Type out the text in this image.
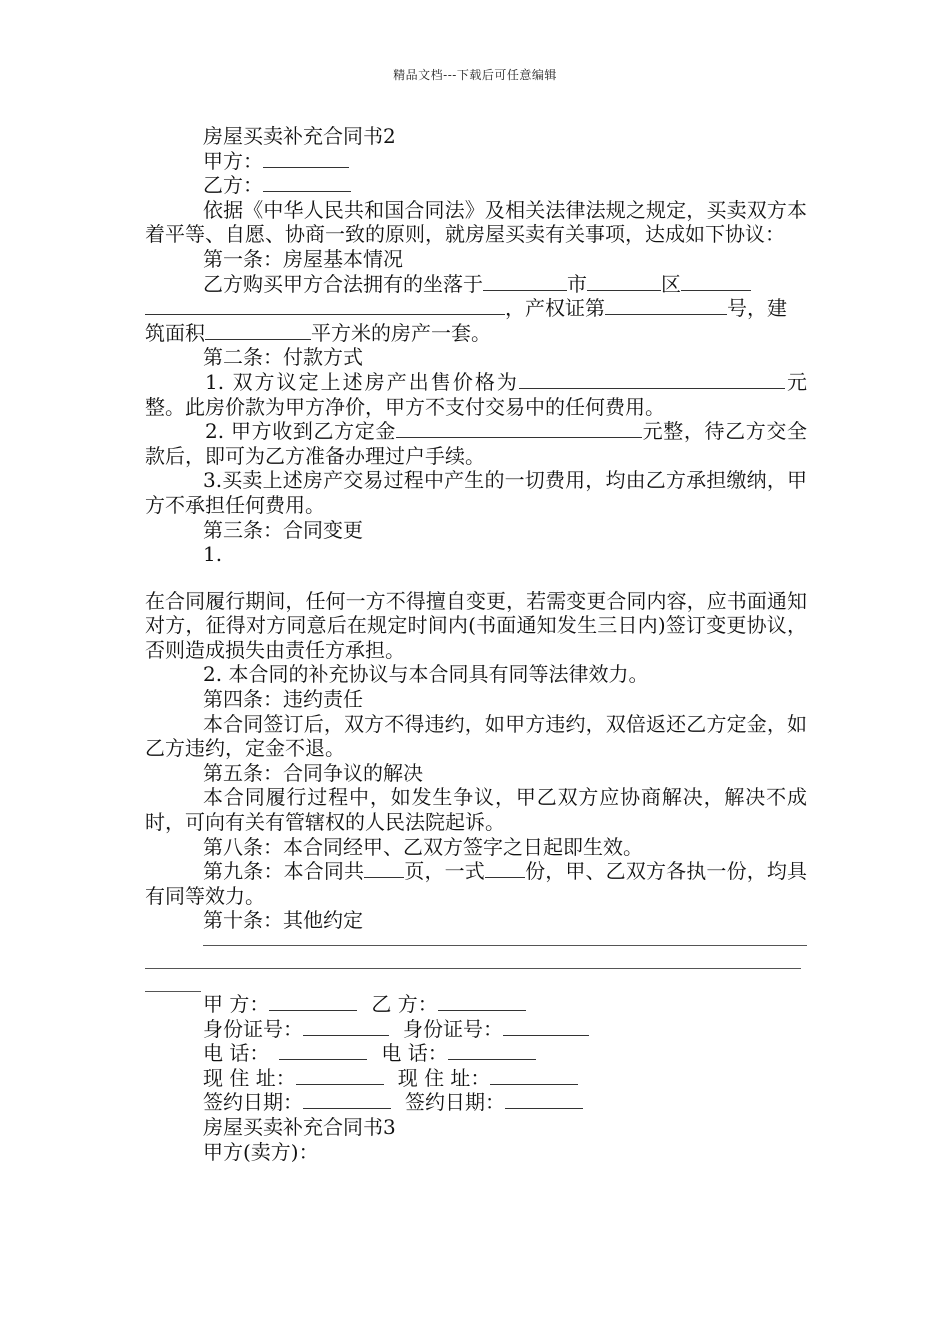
精品文档---下载后可任意编辑

房屋买卖补充合同书2

甲方：

乙方：

依据《中华人民共和国合同法》及相关法律法规之规定，买卖双方本着平等、自愿、协商一致的原则，就房屋买卖有关事项，达成如下协议：

第一条：房屋基本情况

乙方购买甲方合法拥有的坐落于	市	区
，产权证第	号，建
筑面积	平方米的房产一套。

第二条：付款方式

1. 双方议定上述房产出售价格为	元整。此房价款为甲方净价，甲方不支付交易中的任何费用。

2. 甲方收到乙方定金	元整，待乙方交全款后，即可为乙方准备办理过户手续。

3.买卖上述房产交易过程中产生的一切费用，均由乙方承担缴纳，甲方不承担任何费用。

第三条：合同变更

1.

在合同履行期间，任何一方不得擅自变更，若需变更合同内容，应书面通知对方，征得对方同意后在规定时间内(书面通知发生三日内)签订变更协议，否则造成损失由责任方承担。

2. 本合同的补充协议与本合同具有同等法律效力。

第四条：违约责任

本合同签订后，双方不得违约，如甲方违约，双倍返还乙方定金，如乙方违约，定金不退。

第五条：合同争议的解决

本合同履行过程中，如发生争议，甲乙双方应协商解决，解决不成时，可向有关有管辖权的人民法院起诉。

第八条：本合同经甲、乙双方签字之日起即生效。

第九条：本合同共 页，一式 份，甲、乙双方各执一份，均具有同等效力。

第十条：其他约定

甲 方：	乙 方：

身份证号：	身份证号：

电 话：	电 话：

现 住 址：	现 住 址：

签约日期：	签约日期：

房屋买卖补充合同书3

甲方(卖方)：
